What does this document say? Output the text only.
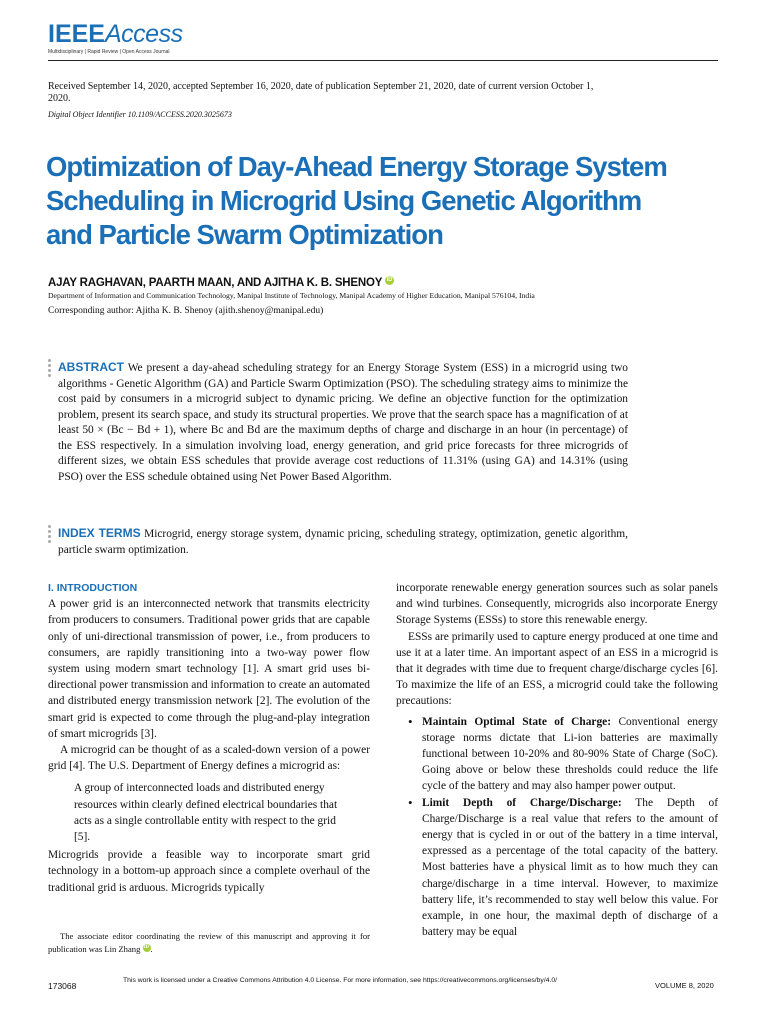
IEEEAccess
Multidisciplinary | Rapid Review | Open Access Journal
Received September 14, 2020, accepted September 16, 2020, date of publication September 21, 2020, date of current version October 1, 2020.
Digital Object Identifier 10.1109/ACCESS.2020.3025673
Optimization of Day-Ahead Energy Storage System Scheduling in Microgrid Using Genetic Algorithm and Particle Swarm Optimization
AJAY RAGHAVAN, PAARTH MAAN, AND AJITHA K. B. SHENOY iD
Department of Information and Communication Technology, Manipal Institute of Technology, Manipal Academy of Higher Education, Manipal 576104, India
Corresponding author: Ajitha K. B. Shenoy (ajith.shenoy@manipal.edu)
ABSTRACT We present a day-ahead scheduling strategy for an Energy Storage System (ESS) in a microgrid using two algorithms - Genetic Algorithm (GA) and Particle Swarm Optimization (PSO). The scheduling strategy aims to minimize the cost paid by consumers in a microgrid subject to dynamic pricing. We define an objective function for the optimization problem, present its search space, and study its structural properties. We prove that the search space has a magnification of at least 50 × (Bc − Bd + 1), where Bc and Bd are the maximum depths of charge and discharge in an hour (in percentage) of the ESS respectively. In a simulation involving load, energy generation, and grid price forecasts for three microgrids of different sizes, we obtain ESS schedules that provide average cost reductions of 11.31% (using GA) and 14.31% (using PSO) over the ESS schedule obtained using Net Power Based Algorithm.
INDEX TERMS Microgrid, energy storage system, dynamic pricing, scheduling strategy, optimization, genetic algorithm, particle swarm optimization.
I. INTRODUCTION

A power grid is an interconnected network that transmits electricity from producers to consumers. Traditional power grids that are capable only of uni-directional transmission of power, i.e., from producers to consumers, are rapidly transitioning into a two-way power flow system using modern smart technology [1]. A smart grid uses bi-directional power transmission and information to create an automated and distributed energy transmission network [2]. The evolution of the smart grid is expected to come through the plug-and-play integration of smart microgrids [3].

A microgrid can be thought of as a scaled-down version of a power grid [4]. The U.S. Department of Energy defines a microgrid as:

A group of interconnected loads and distributed energy resources within clearly defined electrical boundaries that acts as a single controllable entity with respect to the grid [5].

Microgrids provide a feasible way to incorporate smart grid technology in a bottom-up approach since a complete overhaul of the traditional grid is arduous. Microgrids typically

The associate editor coordinating the review of this manuscript and approving it for publication was Lin Zhang iD .

incorporate renewable energy generation sources such as solar panels and wind turbines. Consequently, microgrids also incorporate Energy Storage Systems (ESSs) to store this renewable energy.

ESSs are primarily used to capture energy produced at one time and use it at a later time. An important aspect of an ESS in a microgrid is that it degrades with time due to frequent charge/discharge cycles [6]. To maximize the life of an ESS, a microgrid could take the following precautions:

• Maintain Optimal State of Charge: Conventional energy storage norms dictate that Li-ion batteries are maximally functional between 10-20% and 80-90% State of Charge (SoC). Going above or below these thresholds could reduce the life cycle of the battery and may also hamper power output.
• Limit Depth of Charge/Discharge: The Depth of Charge/Discharge is a real value that refers to the amount of energy that is cycled in or out of the battery in a time interval, expressed as a percentage of the total capacity of the battery. Most batteries have a physical limit as to how much they can charge/discharge in a time interval. However, to maximize battery life, it’s recommended to stay well below this value. For example, in one hour, the maximal depth of discharge of a battery may be equal
173068
This work is licensed under a Creative Commons Attribution 4.0 License. For more information, see https://creativecommons.org/licenses/by/4.0/
VOLUME 8, 2020
